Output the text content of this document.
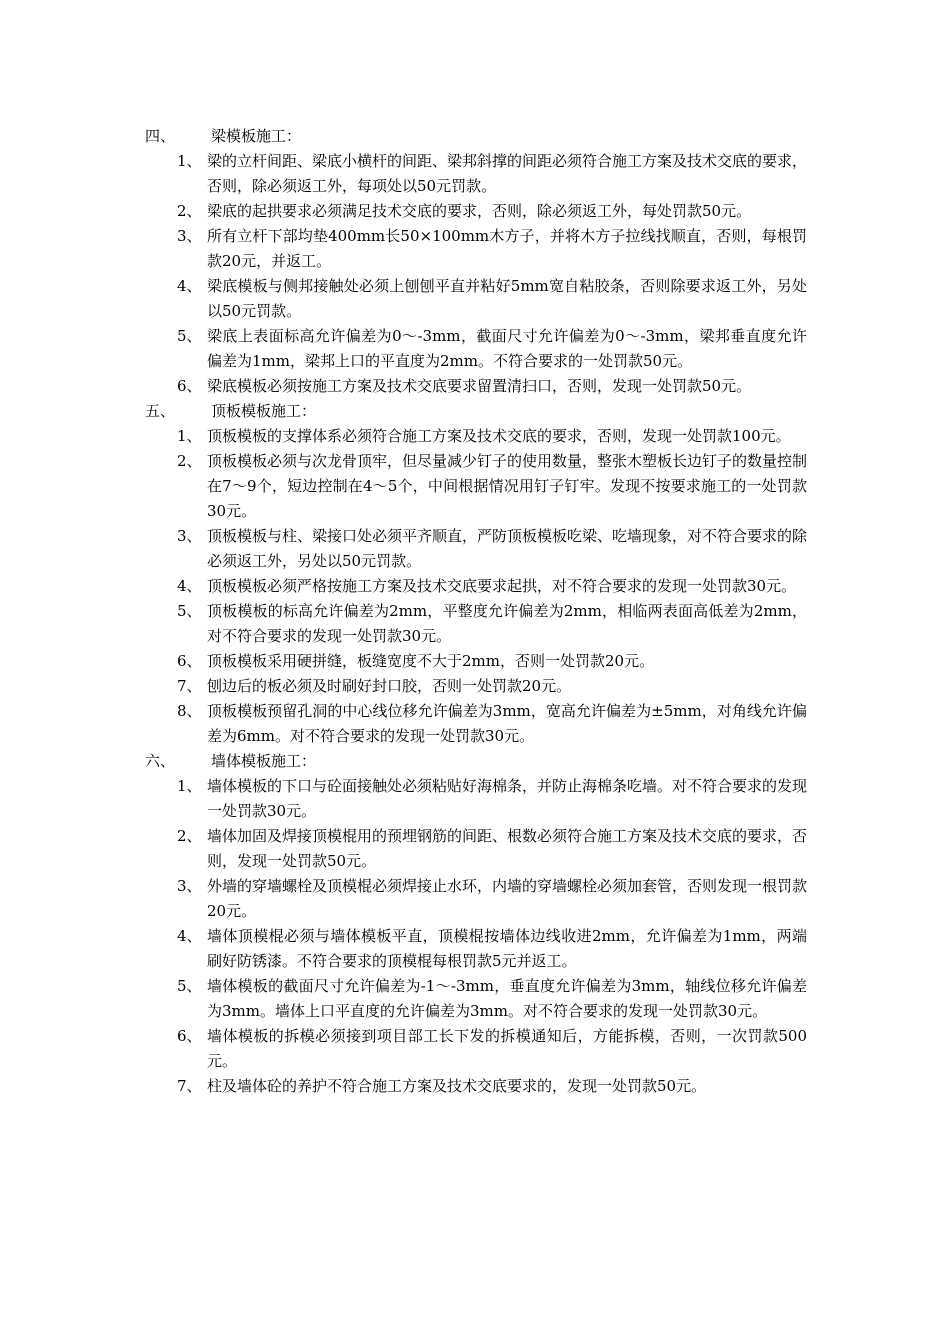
四、 梁模板施工：
1、 梁的立杆间距、梁底小横杆的间距、梁邦斜撑的间距必须符合施工方案及技术交底的要求，否则，除必须返工外，每项处以50元罚款。
2、 梁底的起拱要求必须满足技术交底的要求，否则，除必须返工外，每处罚款50元。
3、 所有立杆下部均垫400mm长50×100mm木方子，并将木方子拉线找顺直，否则，每根罚款20元，并返工。
4、 梁底模板与侧邦接触处必须上刨刨平直并粘好5mm宽自粘胶条，否则除要求返工外，另处以50元罚款。
5、 梁底上表面标高允许偏差为0～-3mm，截面尺寸允许偏差为0～-3mm，梁邦垂直度允许偏差为1mm，梁邦上口的平直度为2mm。不符合要求的一处罚款50元。
6、 梁底模板必须按施工方案及技术交底要求留置清扫口，否则，发现一处罚款50元。
五、 顶板模板施工：
1、 顶板模板的支撑体系必须符合施工方案及技术交底的要求，否则，发现一处罚款100元。
2、 顶板模板必须与次龙骨顶牢，但尽量减少钉子的使用数量，整张木塑板长边钉子的数量控制在7～9个，短边控制在4～5个，中间根据情况用钉子钉牢。发现不按要求施工的一处罚款30元。
3、 顶板模板与柱、梁接口处必须平齐顺直，严防顶板模板吃梁、吃墙现象，对不符合要求的除必须返工外，另处以50元罚款。
4、 顶板模板必须严格按施工方案及技术交底要求起拱，对不符合要求的发现一处罚款30元。
5、 顶板模板的标高允许偏差为2mm，平整度允许偏差为2mm，相临两表面高低差为2mm，对不符合要求的发现一处罚款30元。
6、 顶板模板采用硬拼缝，板缝宽度不大于2mm，否则一处罚款20元。
7、 刨边后的板必须及时刷好封口胶，否则一处罚款20元。
8、 顶板模板预留孔洞的中心线位移允许偏差为3mm，宽高允许偏差为±5mm，对角线允许偏差为6mm。对不符合要求的发现一处罚款30元。
六、 墙体模板施工：
1、 墙体模板的下口与砼面接触处必须粘贴好海棉条，并防止海棉条吃墙。对不符合要求的发现一处罚款30元。
2、 墙体加固及焊接顶模棍用的预埋钢筋的间距、根数必须符合施工方案及技术交底的要求，否则，发现一处罚款50元。
3、 外墙的穿墙螺栓及顶模棍必须焊接止水环，内墙的穿墙螺栓必须加套管，否则发现一根罚款20元。
4、 墙体顶模棍必须与墙体模板平直，顶模棍按墙体边线收进2mm，允许偏差为1mm，两端刷好防锈漆。不符合要求的顶模棍每根罚款5元并返工。
5、 墙体模板的截面尺寸允许偏差为-1～-3mm，垂直度允许偏差为3mm，轴线位移允许偏差为3mm。墙体上口平直度的允许偏差为3mm。对不符合要求的发现一处罚款30元。
6、 墙体模板的拆模必须接到项目部工长下发的拆模通知后，方能拆模，否则，一次罚款500元。
7、 柱及墙体砼的养护不符合施工方案及技术交底要求的，发现一处罚款50元。
